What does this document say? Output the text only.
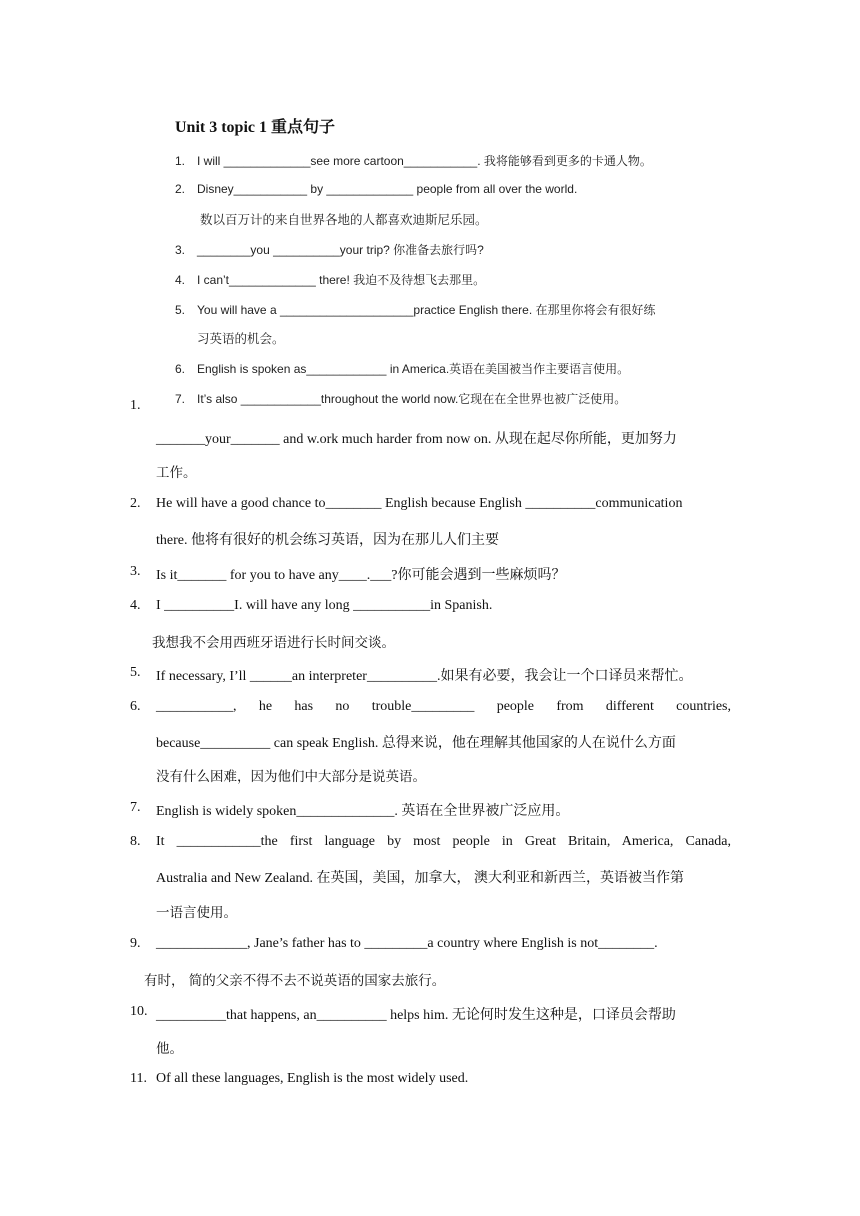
Unit 3 topic 1 重点句子
1. I will _____________see more cartoon___________. 我将能够看到更多的卡通人物。
2. Disney___________ by _____________ people from all over the world.
数以百万计的来自世界各地的人都喜欢迪斯尼乐园。
3. ________you __________your trip? 你准备去旅行吗?
4. I can’t_____________ there! 我迫不及待想飞去那里。
5. You will have a ____________________practice English there. 在那里你将会有很好练
习英语的机会。
6. English is spoken as____________ in America.英语在美国被当作主要语言使用。
7. It’s also ____________throughout the world now.它现在在全世界也被广泛使用。
1.
_______your_______ and w.ork much harder from now on. 从现在起尽你所能，更加努力
工作。
2.	He will have a good chance to________ English because English __________communication
there. 他将有很好的机会练习英语，因为在那儿人们主要
3.	Is it_______ for you to have any____.___?你可能会遇到一些麻烦吗？
4.	I __________I. will have any long ___________in Spanish.
我想我不会用西班牙语进行长时间交谈。
5.	If necessary, I’ll ______an interpreter__________.如果有必要，我会让一个口译员来帮忙。
6.	___________, he has no trouble_________ people from different countries,
because__________ can speak English. 总得来说，他在理解其他国家的人在说什么方面
没有什么困难，因为他们中大部分是说英语。
7.	English is widely spoken______________. 英语在全世界被广泛应用。
8.	It ____________the first language by most people in Great Britain, America, Canada,
Australia and New Zealand. 在英国，美国，加拿大， 澳大利亚和新西兰，英语被当作第
一语言使用。
9.	_____________, Jane’s father has to _________a country where English is not________.
有时， 简的父亲不得不去不说英语的国家去旅行。
10. __________that happens, an__________ helps him. 无论何时发生这种是，口译员会帮助
他。
11. Of all these languages, English is the most widely used.
